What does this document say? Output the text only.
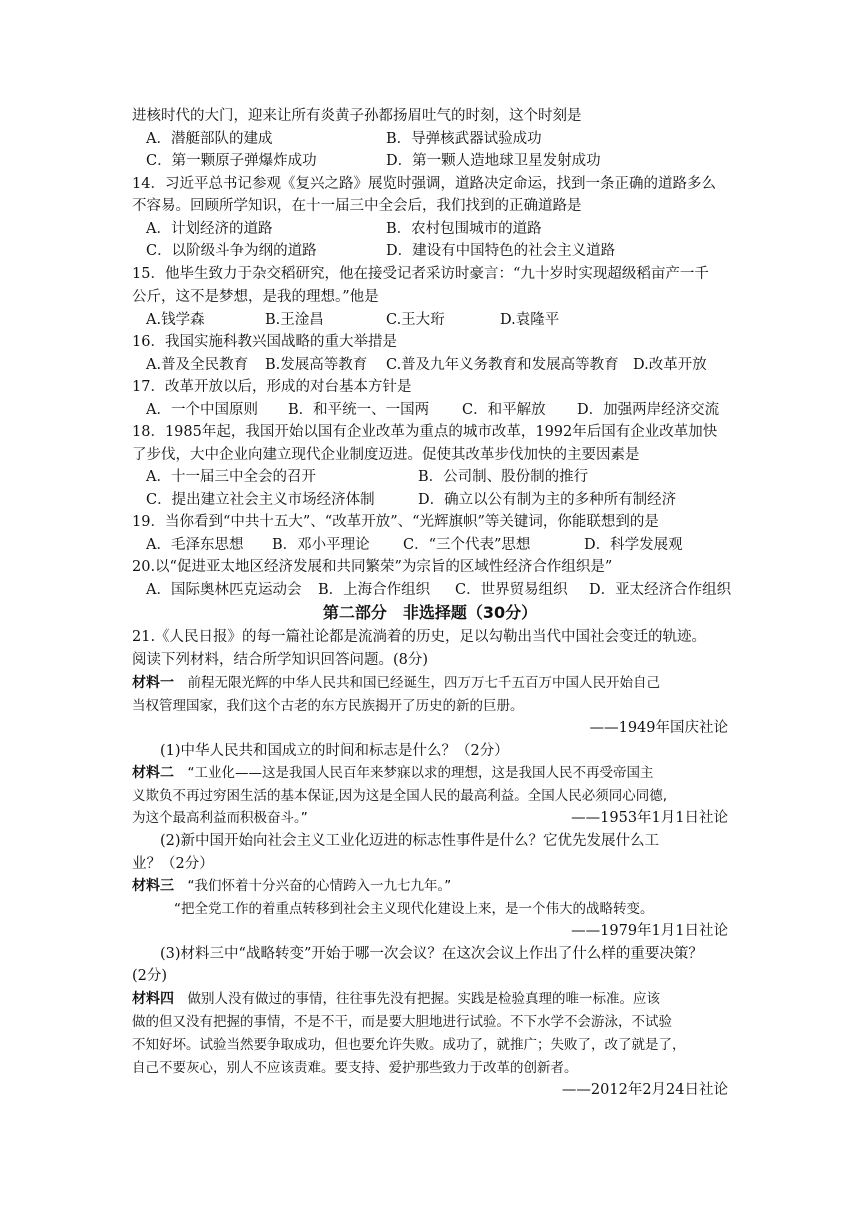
进核时代的大门，迎来让所有炎黄子孙都扬眉吐气的时刻，这个时刻是
A．潜艇部队的建成	B．导弹核武器试验成功
C．第一颗原子弹爆炸成功	D．第一颗人造地球卫星发射成功
14．习近平总书记参观《复兴之路》展览时强调，道路决定命运，找到一条正确的道路多么
不容易。回顾所学知识，在十一届三中全会后，我们找到的正确道路是
A．计划经济的道路	B．农村包围城市的道路
C．以阶级斗争为纲的道路	D．建设有中国特色的社会主义道路
15．他毕生致力于杂交稻研究，他在接受记者采访时豪言：“九十岁时实现超级稻亩产一千
公斤，这不是梦想，是我的理想。”他是
A.钱学森	B.王淦昌	C.王大珩	D.袁隆平
16．我国实施科教兴国战略的重大举措是
A.普及全民教育 B.发展高等教育 C.普及九年义务教育和发展高等教育 D.改革开放
17．改革开放以后，形成的对台基本方针是
A．一个中国原则 B．和平统一、一国两 C．和平解放 D．加强两岸经济交流
18．1985年起，我国开始以国有企业改革为重点的城市改革，1992年后国有企业改革加快
了步伐，大中企业向建立现代企业制度迈进。促使其改革步伐加快的主要因素是
A．十一届三中全会的召开	B．公司制、股份制的推行
C．提出建立社会主义市场经济体制	D．确立以公有制为主的多种所有制经济
19．当你看到“中共十五大”、“改革开放”、“光辉旗帜”等关键词，你能联想到的是
A．毛泽东思想 B．邓小平理论 C．“三个代表”思想	D．科学发展观
20.以“促进亚太地区经济发展和共同繁荣”为宗旨的区域性经济合作组织是”
A．国际奥林匹克运动会 B．上海合作组织 C．世界贸易组织 D．亚太经济合作组织
第二部分　非选择题（30分）
21.《人民日报》的每一篇社论都是流淌着的历史，足以勾勒出当代中国社会变迁的轨迹。
阅读下列材料，结合所学知识回答问题。(8分)
材料一　前程无限光辉的中华人民共和国已经诞生，四万万七千五百万中国人民开始自己
当权管理国家，我们这个古老的东方民族揭开了历史的新的巨册。
——1949年国庆社论
(1)中华人民共和国成立的时间和标志是什么？（2分）
材料二　“工业化——这是我国人民百年来梦寐以求的理想，这是我国人民不再受帝国主
义欺负不再过穷困生活的基本保证,因为这是全国人民的最高利益。全国人民必须同心同德,
为这个最高利益而积极奋斗。”	——1953年1月1日社论
(2)新中国开始向社会主义工业化迈进的标志性事件是什么？它优先发展什么工
业？（2分）
材料三　“我们怀着十分兴奋的心情跨入一九七九年。”
“把全党工作的着重点转移到社会主义现代化建设上来，是一个伟大的战略转变。
——1979年1月1日社论
(3)材料三中“战略转变”开始于哪一次会议？在这次会议上作出了什么样的重要决策？
(2分)
材料四　做别人没有做过的事情，往往事先没有把握。实践是检验真理的唯一标准。应该
做的但又没有把握的事情，不是不干，而是要大胆地进行试验。不下水学不会游泳，不试验
不知好坏。试验当然要争取成功，但也要允许失败。成功了，就推广；失败了，改了就是了，
自己不要灰心，别人不应该责难。要支持、爱护那些致力于改革的创新者。
——2012年2月24日社论
